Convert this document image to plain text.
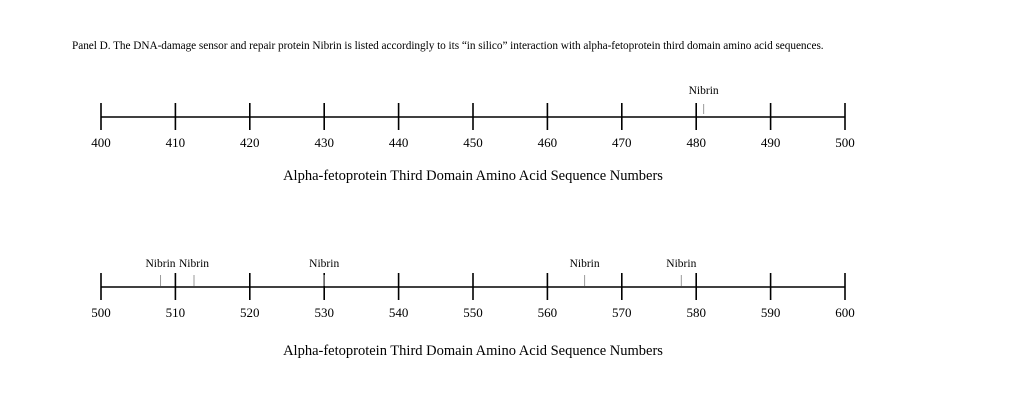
Panel D. The DNA-damage sensor and repair protein Nibrin is listed accordingly to its “in silico” interaction with alpha-fetoprotein third domain amino acid sequences.
400	410	420	430	440	450	460	470	480	490	500
Alpha-fetoprotein Third Domain Amino Acid Sequence Numbers
Nibrin
500	510	520	530	540	550	560	570	580	590	600
Alpha-fetoprotein Third Domain Amino Acid Sequence Numbers
Nibrin Nibrin	Nibrin	Nibrin	Nibrin
